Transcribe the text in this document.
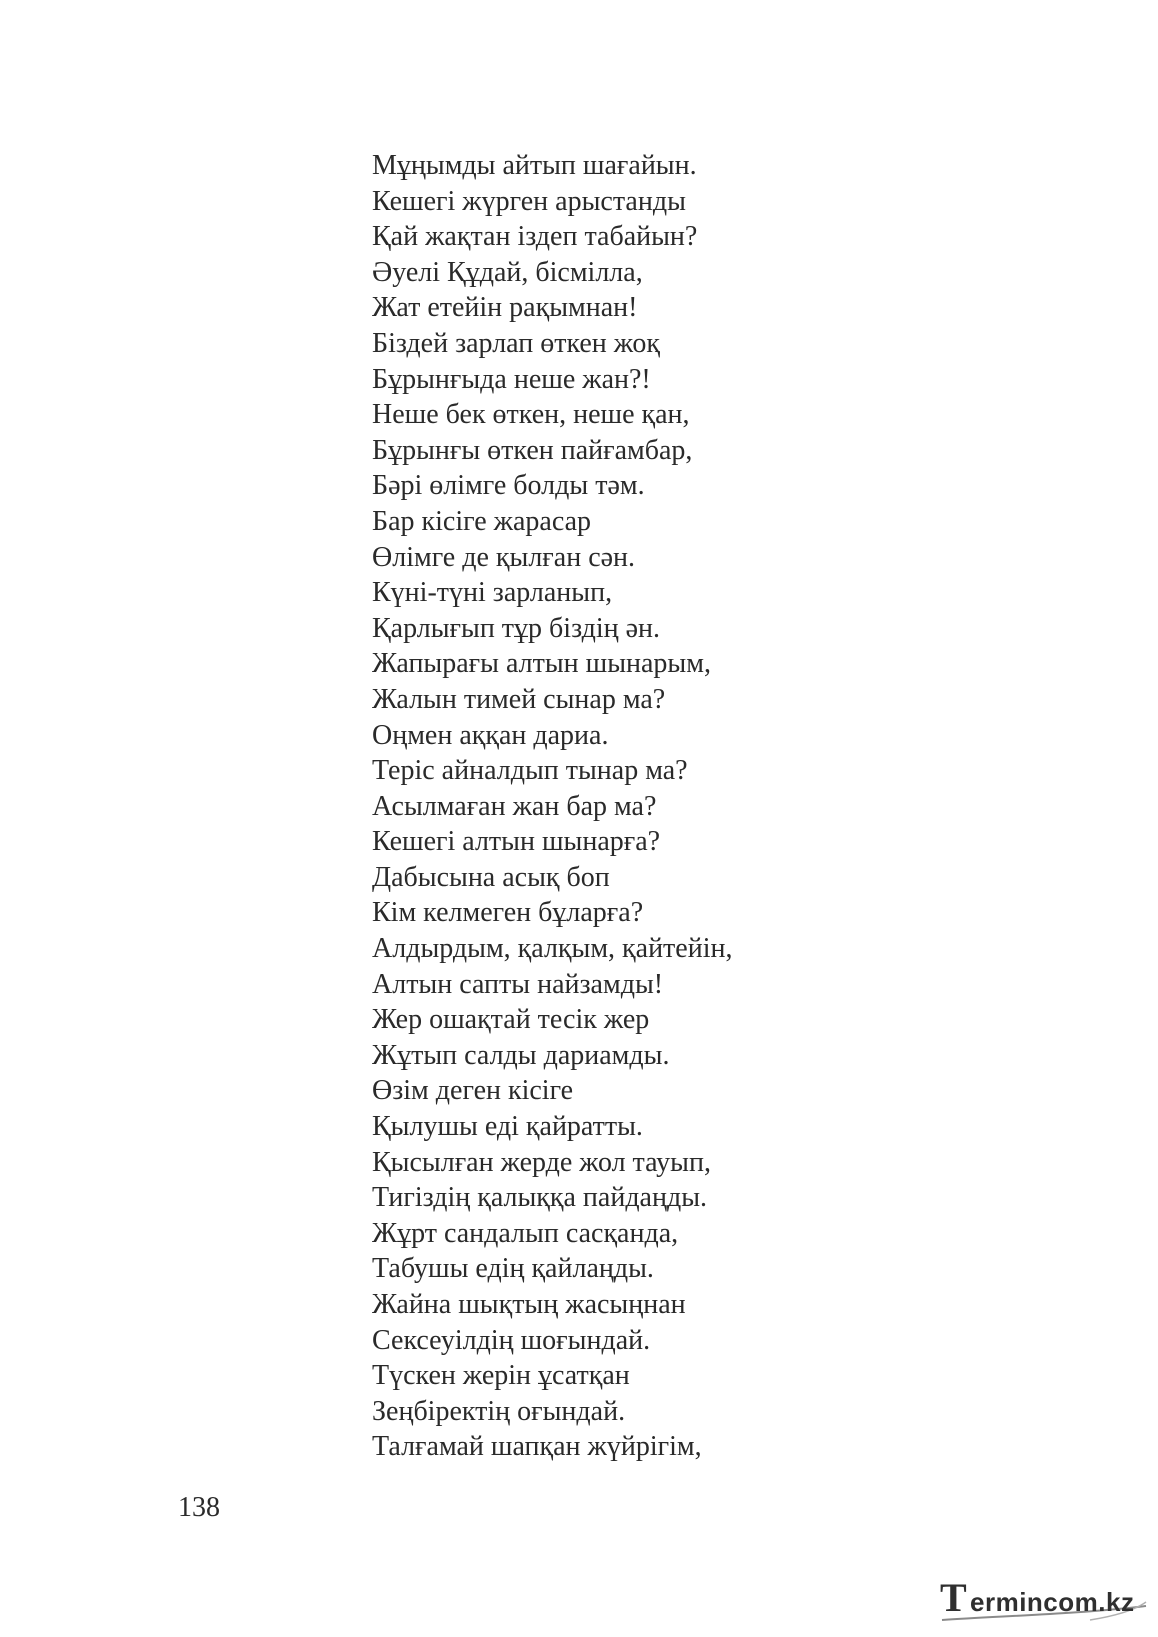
Мұңымды айтып шағайын.
Кешегі жүрген арыстанды
Қай жақтан іздеп табайын?
Әуелі Құдай, бісмілла,
Жат етейін рақымнан!
Біздей зарлап өткен жоқ
Бұрынғыда неше жан?!
Неше бек өткен, неше қан,
Бұрынғы өткен пайғамбар,
Бәрі өлімге болды тәм.
Бар кісіге жарасар
Өлімге де қылған сән.
Күні-түні зарланып,
Қарлығып тұр біздің ән.
Жапырағы алтын шынарым,
Жалын тимей сынар ма?
Оңмен аққан дариа.
Теріс айналдып тынар ма?
Асылмаған жан бар ма?
Кешегі алтын шынарға?
Дабысына асық боп
Кім келмеген бұларға?
Алдырдым, қалқым, қайтейін,
Алтын сапты найзамды!
Жер ошақтай тесік жер
Жұтып салды дариамды.
Өзім деген кісіге
Қылушы еді қайратты.
Қысылған жерде жол тауып,
Тигіздің қалыққа пайдаңды.
Жұрт сандалып сасқанда,
Табушы едің қайлаңды.
Жайна шықтың жасыңнан
Сексеуілдің шоғындай.
Түскен жерін ұсатқан
Зеңбіректің оғындай.
Талғамай шапқан жүйрігім,
138
T ermincom.kz
